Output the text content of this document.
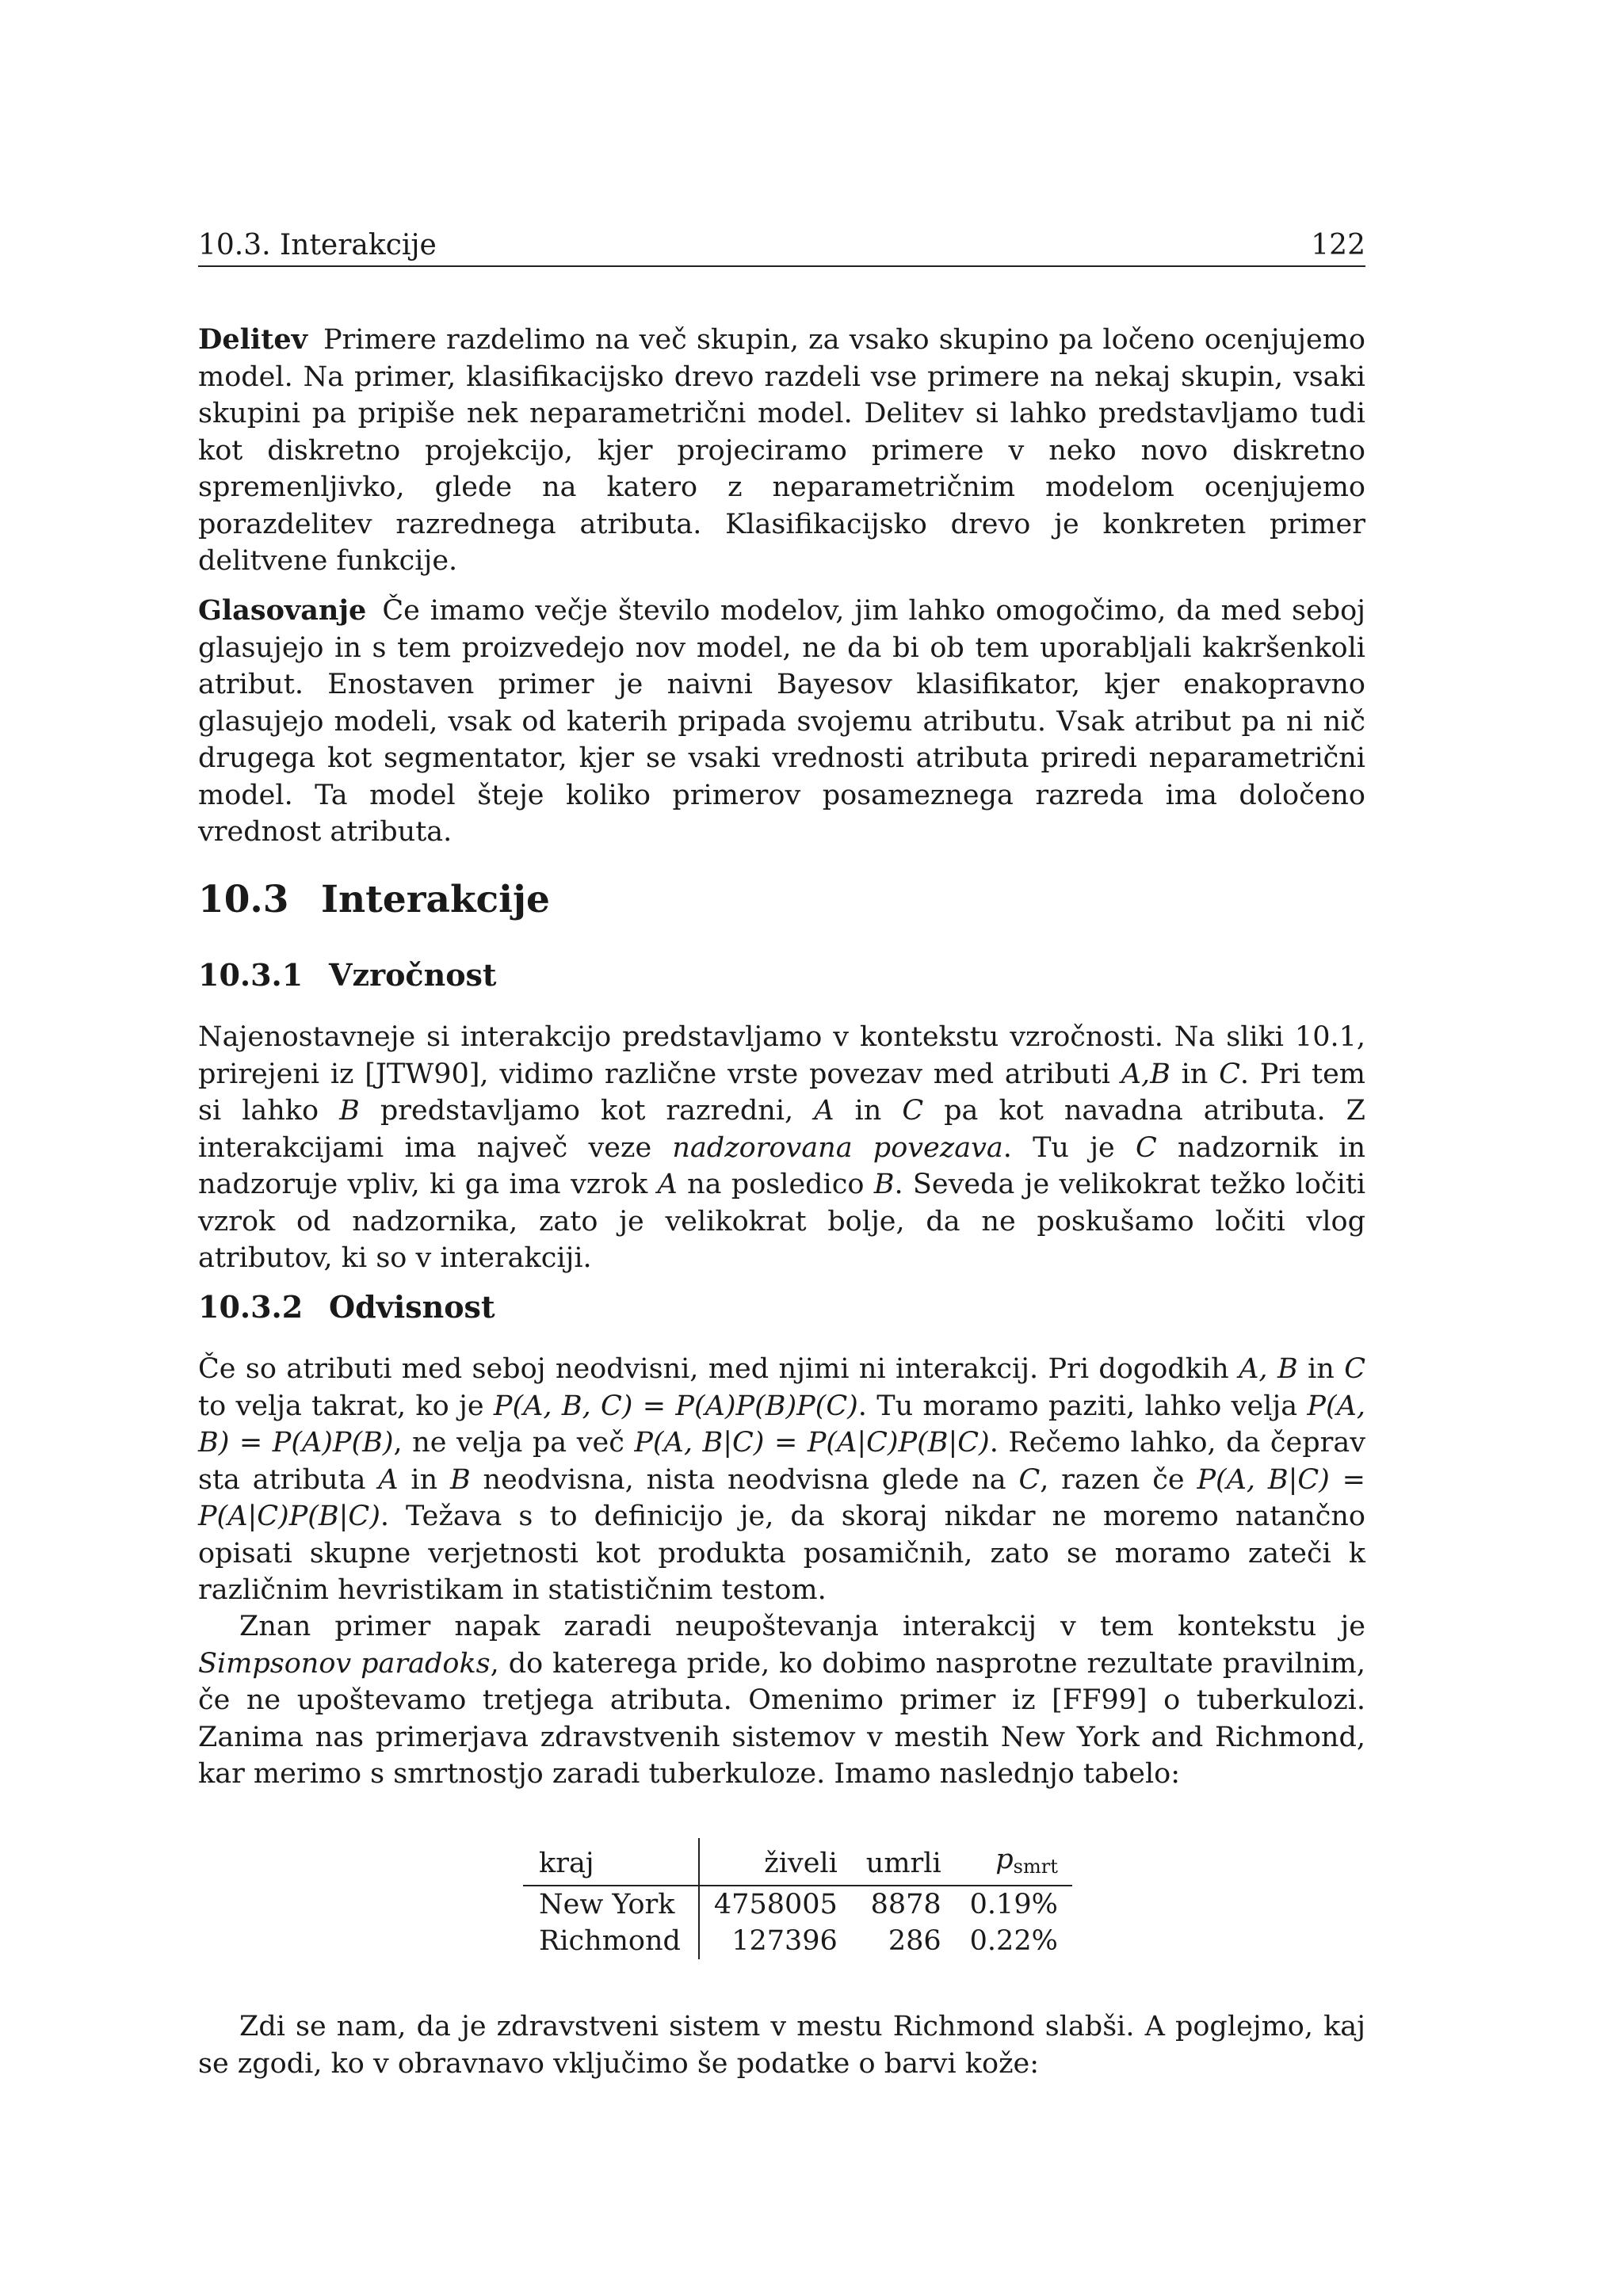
10.3. Interakcije	122

Delitev Primere razdelimo na več skupin, za vsako skupino pa ločeno ocenjujemo model. Na primer, klasifikacijsko drevo razdeli vse primere na nekaj skupin, vsaki skupini pa pripiše nek neparametrični model. Delitev si lahko predstavljamo tudi kot diskretno projekcijo, kjer projeciramo primere v neko novo diskretno spremenljivko, glede na katero z neparametričnim modelom ocenjujemo porazdelitev razrednega atributa. Klasifikacijsko drevo je konkreten primer delitvene funkcije.

Glasovanje Če imamo večje število modelov, jim lahko omogočimo, da med seboj glasujejo in s tem proizvedejo nov model, ne da bi ob tem uporabljali kakršenkoli atribut. Enostaven primer je naivni Bayesov klasifikator, kjer enakopravno glasujejo modeli, vsak od katerih pripada svojemu atributu. Vsak atribut pa ni nič drugega kot segmentator, kjer se vsaki vrednosti atributa priredi neparametrični model. Ta model šteje koliko primerov posameznega razreda ima določeno vrednost atributa.

10.3 Interakcije
10.3.1 Vzročnost

Najenostavneje si interakcijo predstavljamo v kontekstu vzročnosti. Na sliki 10.1, prirejeni iz [JTW90], vidimo različne vrste povezav med atributi A,B in C. Pri tem si lahko B predstavljamo kot razredni, A in C pa kot navadna atributa. Z interakcijami ima največ veze nadzorovana povezava. Tu je C nadzornik in nadzoruje vpliv, ki ga ima vzrok A na posledico B. Seveda je velikokrat težko ločiti vzrok od nadzornika, zato je velikokrat bolje, da ne poskušamo ločiti vlog atributov, ki so v interakciji.

10.3.2 Odvisnost

Če so atributi med seboj neodvisni, med njimi ni interakcij. Pri dogodkih A, B in C to velja takrat, ko je P(A, B, C) = P(A)P(B)P(C). Tu moramo paziti, lahko velja P(A, B) = P(A)P(B), ne velja pa več P(A, B|C) = P(A|C)P(B|C). Rečemo lahko, da čeprav sta atributa A in B neodvisna, nista neodvisna glede na C, razen če P(A, B|C) = P(A|C)P(B|C). Težava s to definicijo je, da skoraj nikdar ne moremo natančno opisati skupne verjetnosti kot produkta posamičnih, zato se moramo zateči k različnim hevristikam in statističnim testom.

Znan primer napak zaradi neupoštevanja interakcij v tem kontekstu je Simpsonov paradoks, do katerega pride, ko dobimo nasprotne rezultate pravilnim, če ne upoštevamo tretjega atributa. Omenimo primer iz [FF99] o tuberkulozi. Zanima nas primerjava zdravstvenih sistemov v mestih New York and Richmond, kar merimo s smrtnostjo zaradi tuberkuloze. Imamo naslednjo tabelo:

kraj	živeli	umrli	$p_{smrt}$
New York	4758005	8878	0.19%
Richmond	127396	286	0.22%

Zdi se nam, da je zdravstveni sistem v mestu Richmond slabši. A poglejmo, kaj se zgodi, ko v obravnavo vključimo še podatke o barvi kože:
